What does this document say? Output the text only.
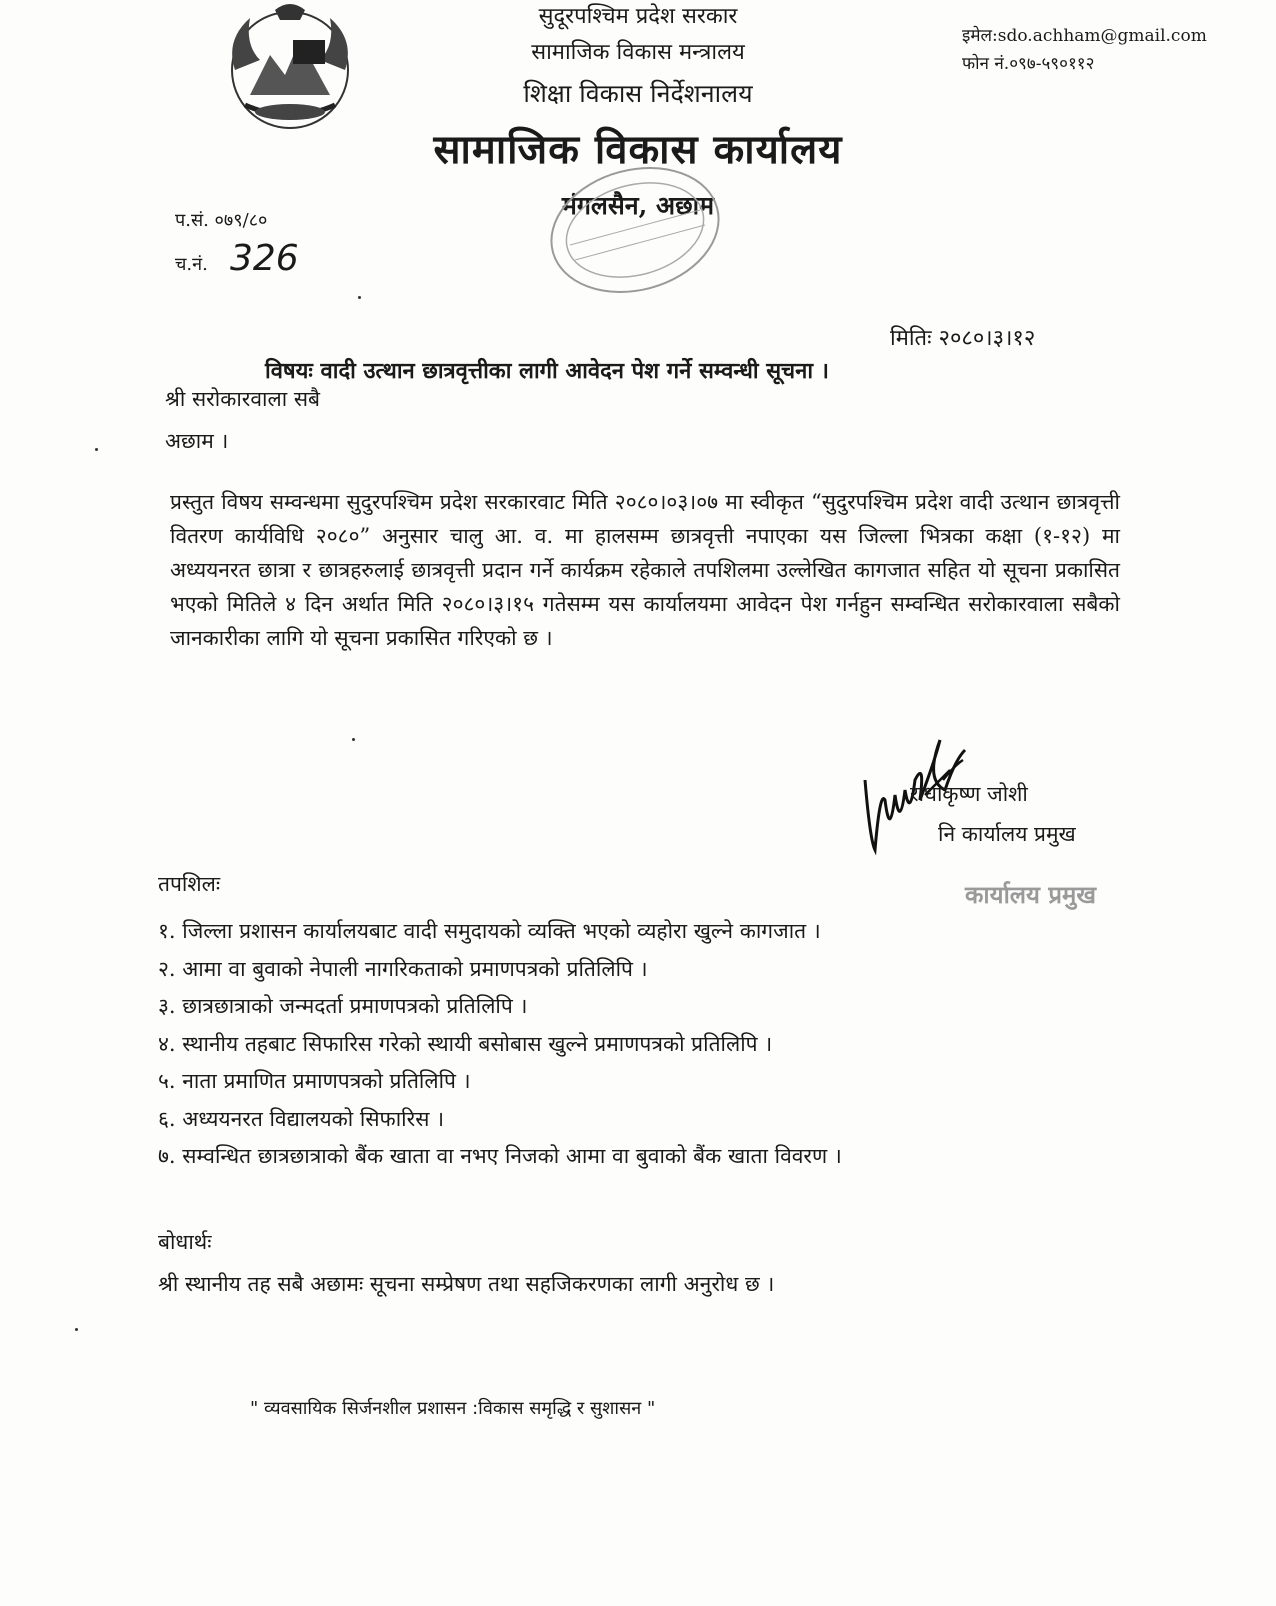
सुदूरपश्चिम प्रदेश सरकार
सामाजिक विकास मन्त्रालय
शिक्षा विकास निर्देशनालय
सामाजिक विकास कार्यालय
मंगलसैन, अछाम
इमेल:sdo.achham@gmail.com
फोन नं.०९७-५९०११२
प.सं. ०७९/८०
च.नं. 326
मितिः २०८०।३।१२
विषयः वादी उत्थान छात्रवृत्तीका लागी आवेदन पेश गर्ने सम्वन्धी सूचना ।
श्री सरोकारवाला सबै
अछाम ।
प्रस्तुत विषय सम्वन्धमा सुदुरपश्चिम प्रदेश सरकारवाट मिति २०८०।०३।०७ मा स्वीकृत “सुदुरपश्चिम प्रदेश वादी उत्थान छात्रवृत्ती वितरण कार्यविधि २०८०” अनुसार चालु आ. व. मा हालसम्म छात्रवृत्ती नपाएका यस जिल्ला भित्रका कक्षा (१-१२) मा अध्ययनरत छात्रा र छात्रहरुलाई छात्रवृत्ती प्रदान गर्ने कार्यक्रम रहेकाले तपशिलमा उल्लेखित कागजात सहित यो सूचना प्रकासित भएको मितिले ४ दिन अर्थात मिति २०८०।३।१५ गतेसम्म यस कार्यालयमा आवेदन पेश गर्नहुन सम्वन्धित सरोकारवाला सबैको जानकारीका लागि यो सूचना प्रकासित गरिएको छ ।
राधाकृष्ण जोशी
नि कार्यालय प्रमुख
कार्यालय प्रमुख
तपशिलः
१. जिल्ला प्रशासन कार्यालयबाट वादी समुदायको व्यक्ति भएको व्यहोरा खुल्ने कागजात ।
२. आमा वा बुवाको नेपाली नागरिकताको प्रमाणपत्रको प्रतिलिपि ।
३. छात्रछात्राको जन्मदर्ता प्रमाणपत्रको प्रतिलिपि ।
४. स्थानीय तहबाट सिफारिस गरेको स्थायी बसोबास खुल्ने प्रमाणपत्रको प्रतिलिपि ।
५. नाता प्रमाणित प्रमाणपत्रको प्रतिलिपि ।
६. अध्ययनरत विद्यालयको सिफारिस ।
७. सम्वन्धित छात्रछात्राको बैंक खाता वा नभए निजको आमा वा बुवाको बैंक खाता विवरण ।
बोधार्थः
श्री स्थानीय तह सबै अछामः सूचना सम्प्रेषण तथा सहजिकरणका लागी अनुरोध छ ।
" व्यवसायिक सिर्जनशील प्रशासन :विकास समृद्धि र सुशासन "
